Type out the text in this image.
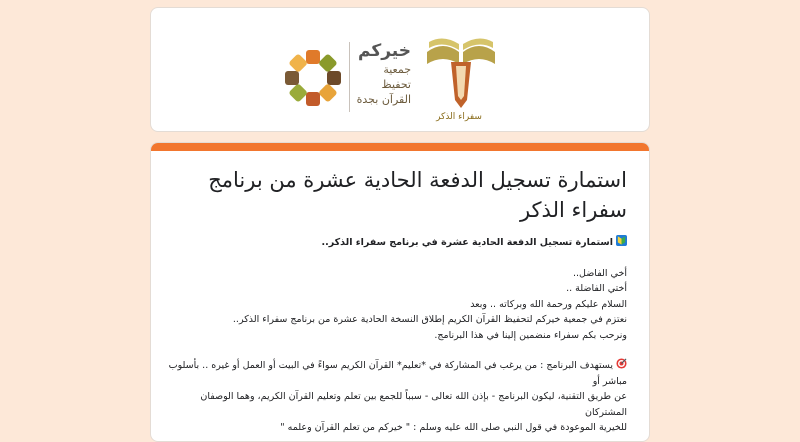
خيركم
جمعية تحفيظ
القرآن بجدة
سفراء الذكر
استمارة تسجيل الدفعة الحادية عشرة من برنامج سفراء الذكر

استمارة تسجيل الدفعة الحادية عشرة في برنامج سفراء الذكر..

أخي الفاضل..

أختي الفاضلة ..

السلام عليكم ورحمة الله وبركاته .. وبعد

نعتزم في جمعية خيركم لتحفيظ القرآن الكريم إطلاق النسخة الحادية عشرة من برنامج سفراء الذكر..

ونرحب بكم سفراء منضمين إلينا في هذا البرنامج.

يستهدف البرنامج : من يرغب في المشاركة في *تعليم* القرآن الكريم سواءً في البيت أو العمل أو غيره .. بأسلوب مباشر أو

عن طريق التقنية، ليكون البرنامج - بإذن الله تعالى - سبباً للجمع بين تعلم وتعليم القرآن الكريم، وهما الوصفان المشتركان

للخيرية الموعودة في قول النبي صلى الله عليه وسلم : " خيركم من تعلم القرآن وعلمه "
